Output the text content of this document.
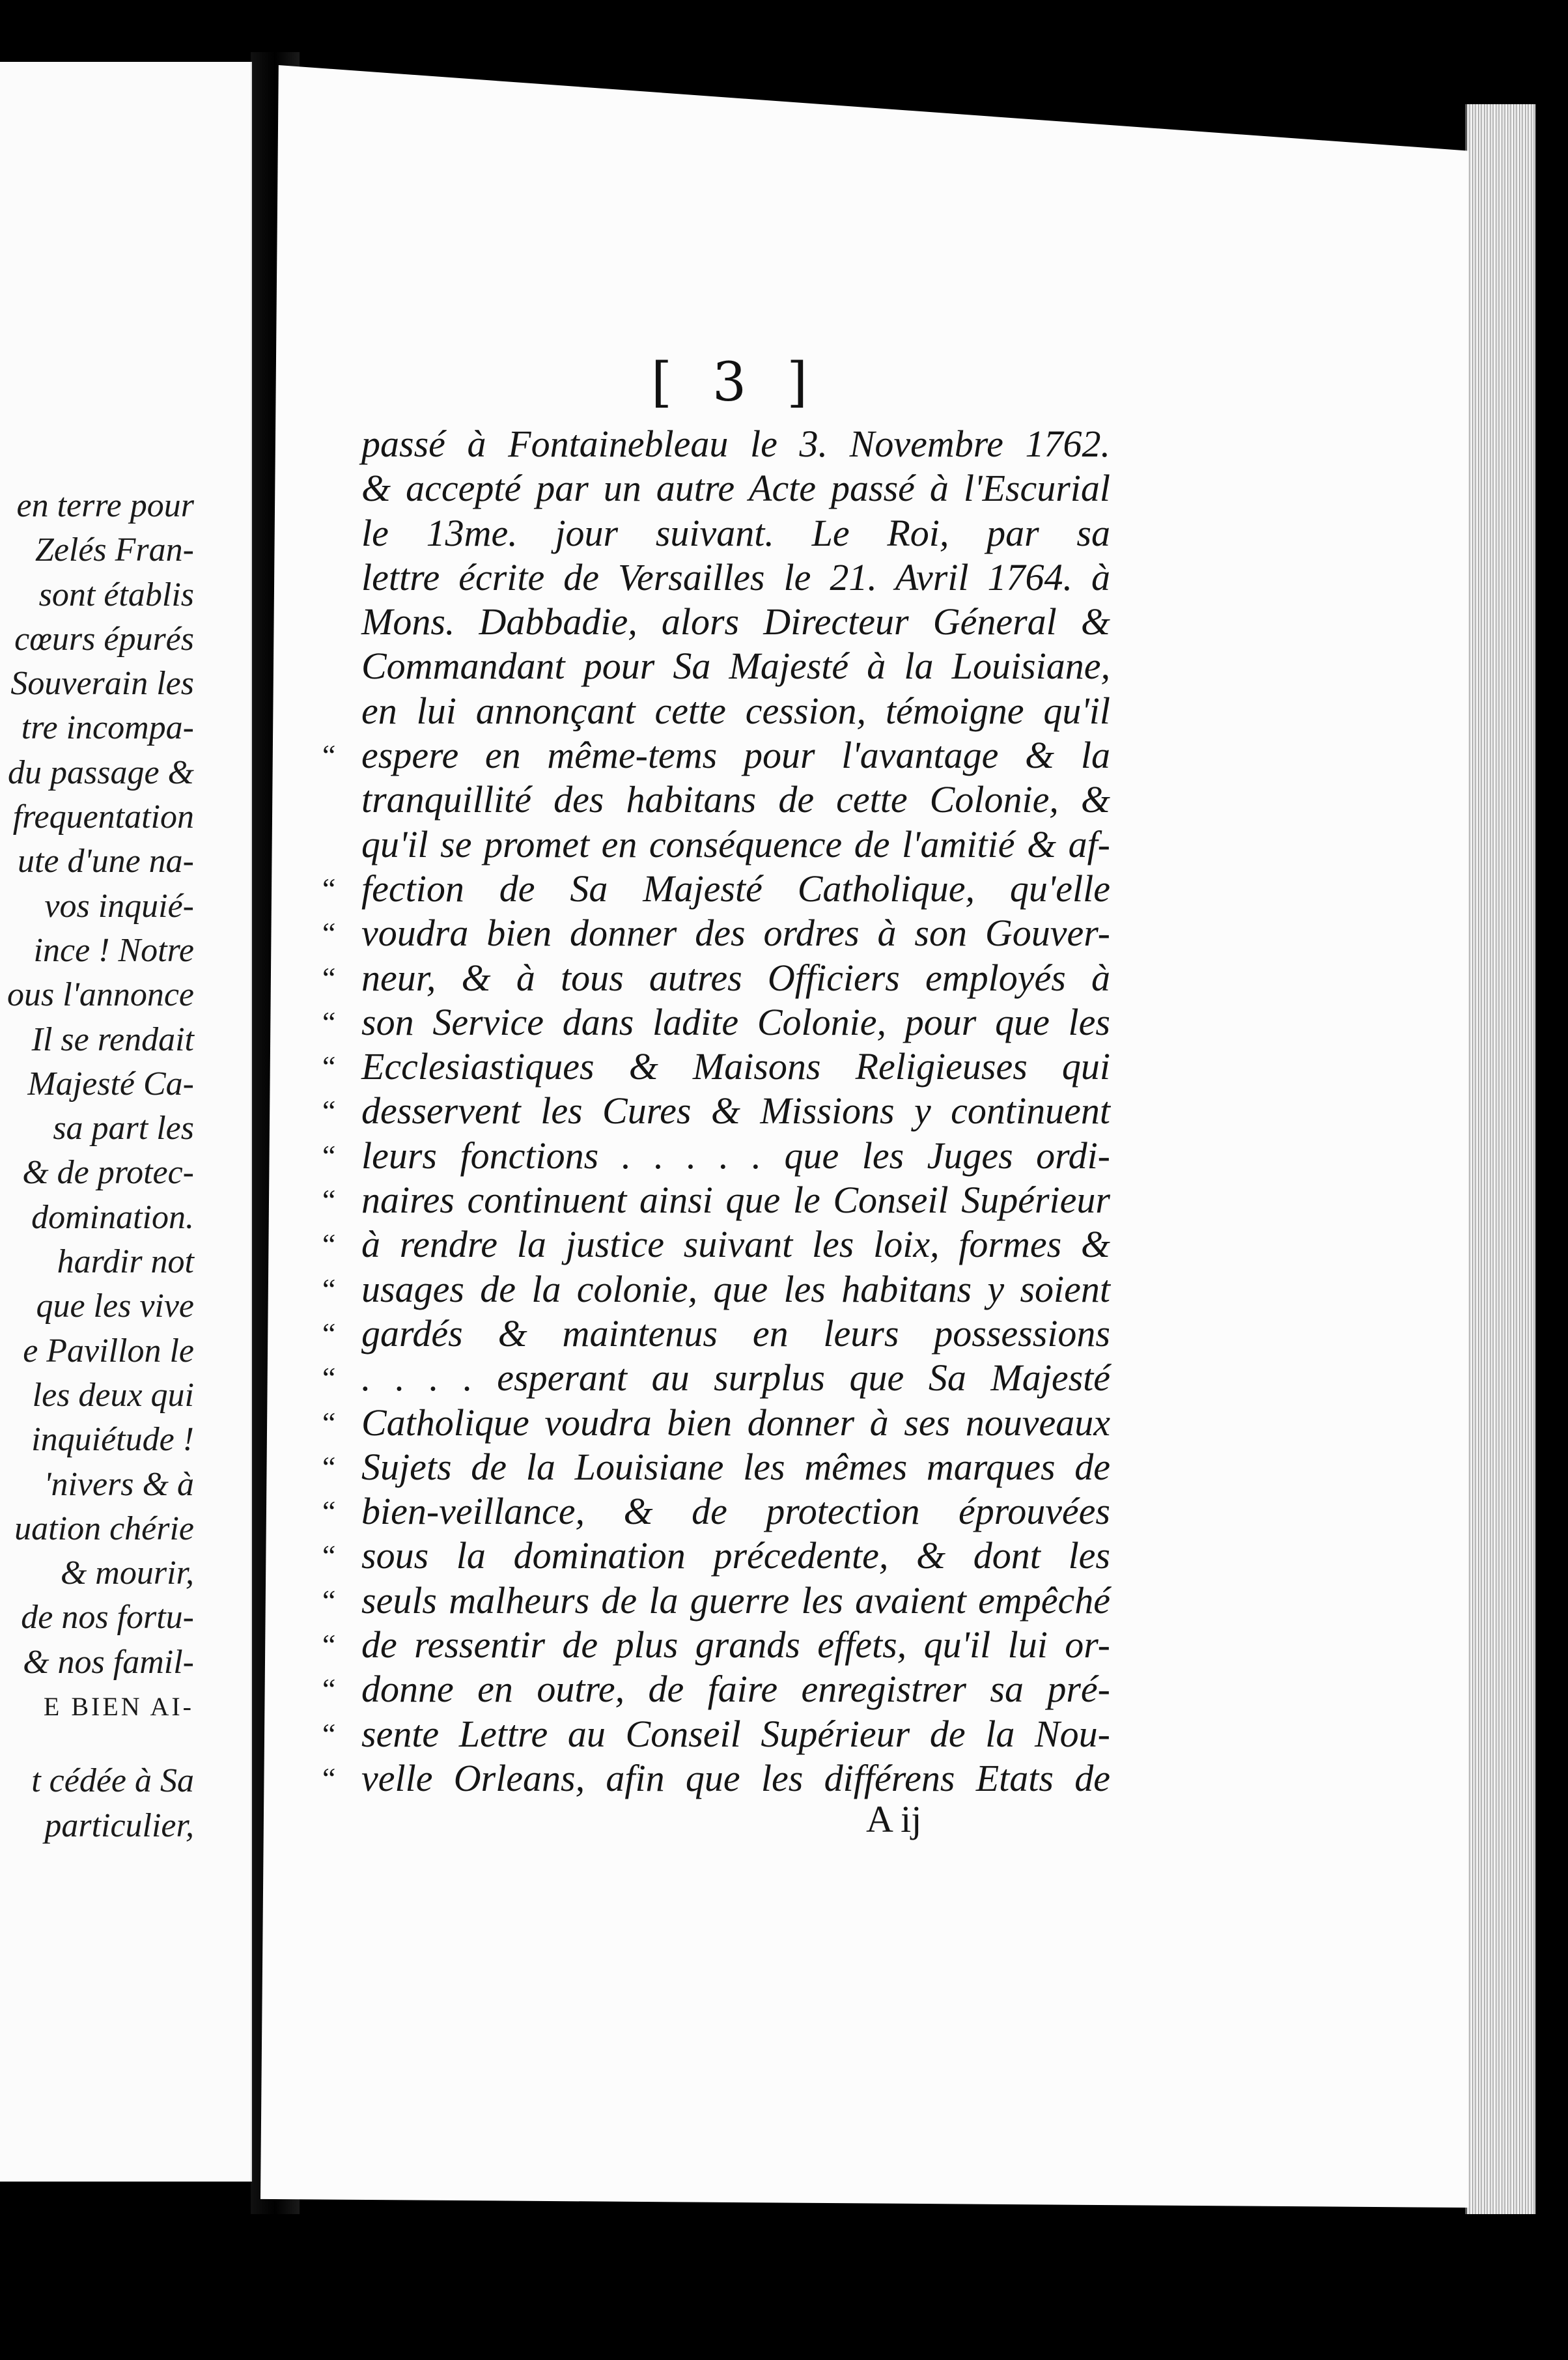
en terre pour
Zelés Fran-
sont établis
cœurs épurés
Souverain les
tre incompa-
du passage &
frequentation
ute d'une na-
vos inquié-
ince ! Notre
ous l'annonce
Il se rendait
Majesté Ca-
sa part les
& de protec-
domination.
hardir not
que les vive
e Pavillon le
les deux qui
inquiétude !
'nivers & à
uation chérie
& mourir,
de nos fortu-
& nos famil-
E BIEN AI-
t cédée à Sa
particulier,
[ 3 ]
passé à Fontainebleau le 3. Novembre 1762.
& accepté par un autre Acte passé à l'Escurial
le 13me. jour suivant. Le Roi, par sa
lettre écrite de Versailles le 21. Avril 1764. à
Mons. Dabbadie, alors Directeur Géneral &
Commandant pour Sa Majesté à la Louisiane,
en lui annonçant cette cession, témoigne qu'il
“ espere en même-tems pour l'avantage & la
tranquillité des habitans de cette Colonie, &
qu'il se promet en conséquence de l'amitié & af-
“ fection de Sa Majesté Catholique, qu'elle
“ voudra bien donner des ordres à son Gouver-
“ neur, & à tous autres Officiers employés à
“ son Service dans ladite Colonie, pour que les
“ Ecclesiastiques & Maisons Religieuses qui
“ desservent les Cures & Missions y continuent
“ leurs fonctions . . . . . que les Juges ordi-
“ naires continuent ainsi que le Conseil Supérieur
“ à rendre la justice suivant les loix, formes &
“ usages de la colonie, que les habitans y soient
“ gardés & maintenus en leurs possessions
“ . . . . esperant au surplus que Sa Majesté
“ Catholique voudra bien donner à ses nouveaux
“ Sujets de la Louisiane les mêmes marques de
“ bien-veillance, & de protection éprouvées
“ sous la domination précedente, & dont les
“ seuls malheurs de la guerre les avaient empêché
“ de ressentir de plus grands effets, qu'il lui or-
“ donne en outre, de faire enregistrer sa pré-
“ sente Lettre au Conseil Supérieur de la Nou-
“ velle Orleans, afin que les différens Etats de
A ij
